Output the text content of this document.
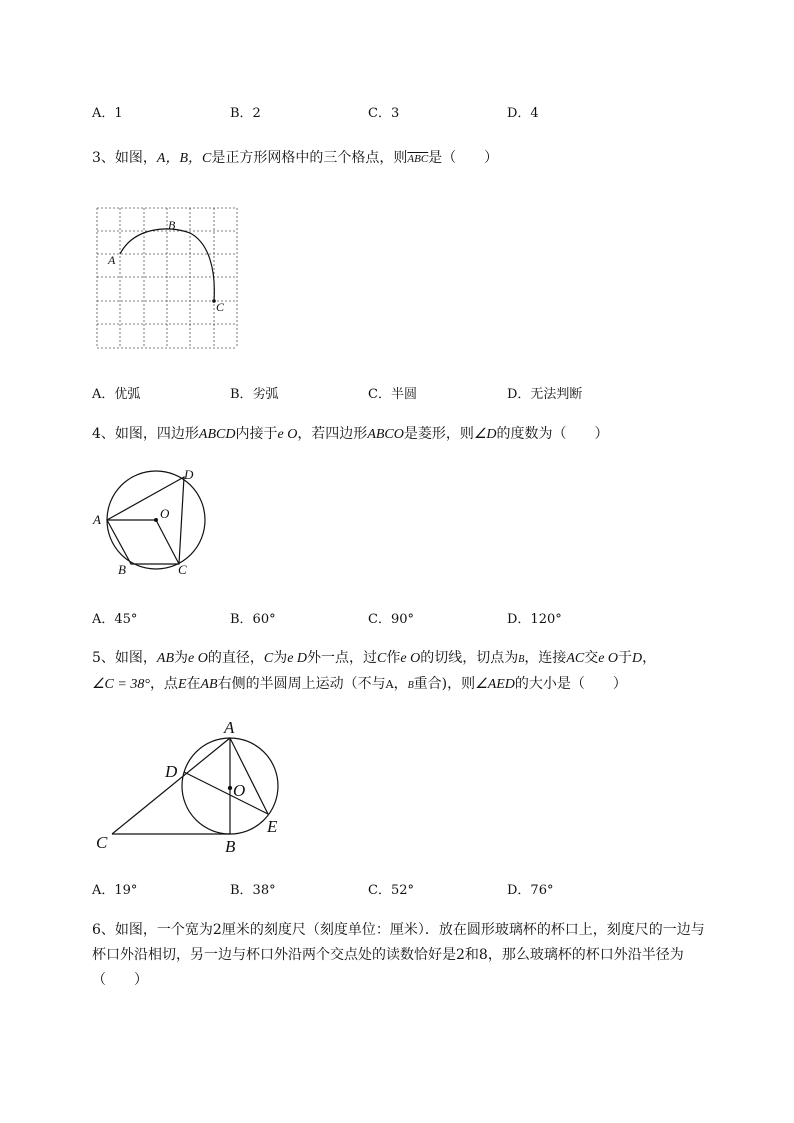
A．1	B．2	C．3	D．4
3、如图，A，B，C是正方形网格中的三个格点，则$\overline{ABC}$是（　　）
A
B
C
A．优弧	B．劣弧	C．半圆	D．无法判断
4、如图，四边形ABCD内接于e O，若四边形ABCO是菱形，则∠D的度数为（　　）
A
B	C
D
O
A．45°	B．60°	C．90°	D．120°
5、如图，AB为e O的直径，C为e D外一点，过C作e O的切线，切点为B，连接AC交e O于D，
∠C = 38°，点E在AB右侧的半圆周上运动（不与A，B重合)，则∠AED的大小是（　　）
A
B
C
D
E
O
A．19°	B．38°	C．52°	D．76°
6、如图，一个宽为2厘米的刻度尺（刻度单位：厘米）．放在圆形玻璃杯的杯口上，刻度尺的一边与
杯口外沿相切，另一边与杯口外沿两个交点处的读数恰好是2和8，那么玻璃杯的杯口外沿半径为
（　　）
